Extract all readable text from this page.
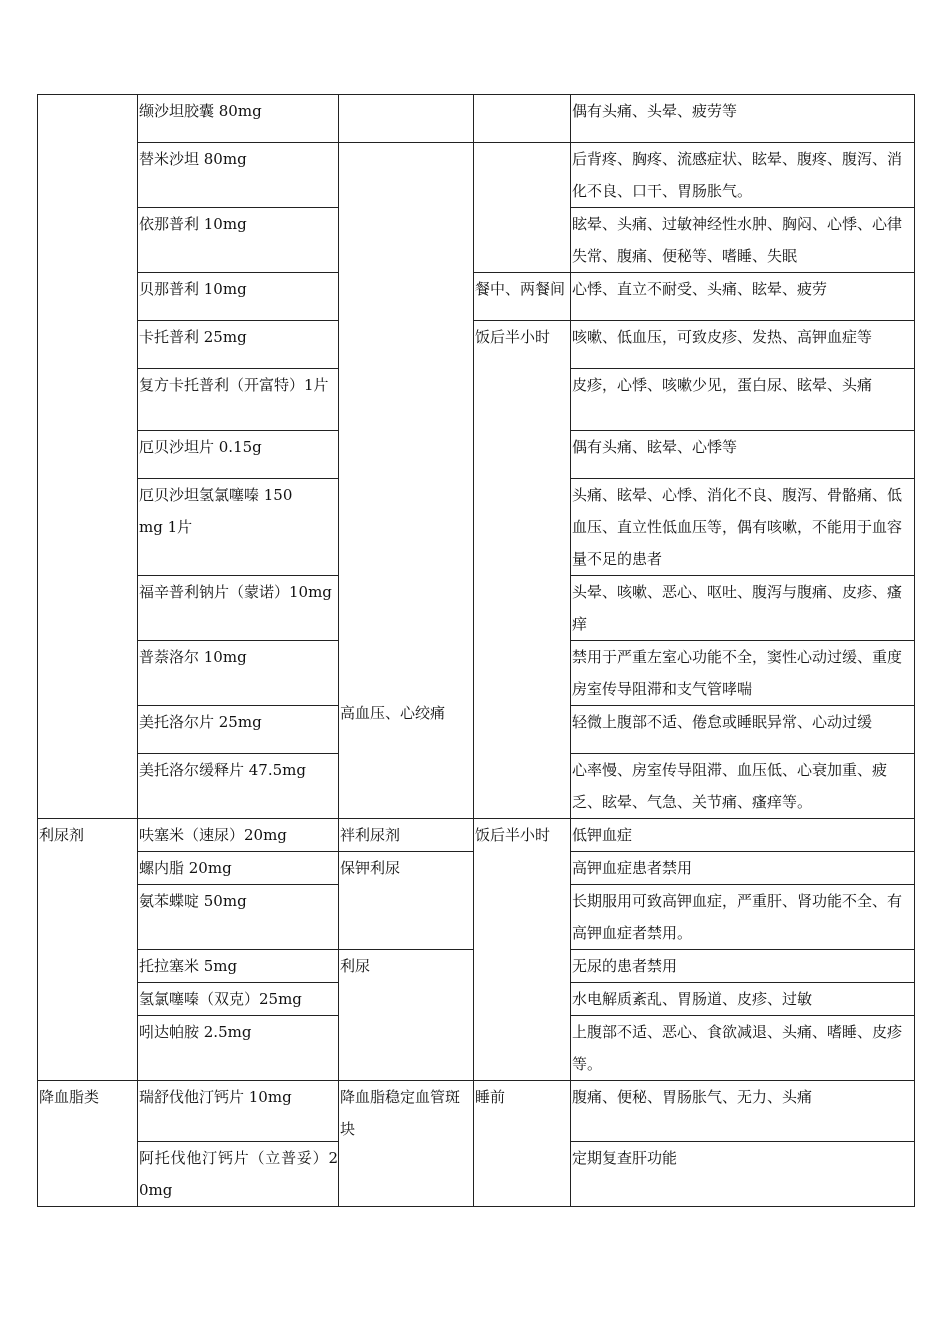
	缬沙坦胶囊 80mg			偶有头痛、头晕、疲劳等
	替米沙坦 80mg	高血压、心绞痛		后背疼、胸疼、流感症状、眩晕、腹疼、腹泻、消化不良、口干、胃肠胀气。
	依那普利 10mg			眩晕、头痛、过敏神经性水肿、胸闷、心悸、心律失常、腹痛、便秘等、嗜睡、失眠
	贝那普利 10mg		餐中、两餐间	心悸、直立不耐受、头痛、眩晕、疲劳
	卡托普利 25mg		饭后半小时	咳嗽、低血压，可致皮疹、发热、高钾血症等
	复方卡托普利（开富特）1片			皮疹，心悸、咳嗽少见，蛋白尿、眩晕、头痛
	厄贝沙坦片 0.15g			偶有头痛、眩晕、心悸等
	厄贝沙坦氢氯噻嗪 150mg 1片			头痛、眩晕、心悸、消化不良、腹泻、骨骼痛、低血压、直立性低血压等，偶有咳嗽，不能用于血容量不足的患者
	福辛普利钠片（蒙诺）10mg			头晕、咳嗽、恶心、呕吐、腹泻与腹痛、皮疹、瘙痒
	普萘洛尔 10mg			禁用于严重左室心功能不全，窦性心动过缓、重度房室传导阻滞和支气管哮喘
	美托洛尔片 25mg			轻微上腹部不适、倦怠或睡眠异常、心动过缓
	美托洛尔缓释片 47.5mg			心率慢、房室传导阻滞、血压低、心衰加重、疲乏、眩晕、气急、关节痛、瘙痒等。
利尿剂	呋塞米（速尿）20mg	袢利尿剂	饭后半小时	低钾血症
	螺内脂 20mg	保钾利尿		高钾血症患者禁用
	氨苯蝶啶 50mg			长期服用可致高钾血症，严重肝、肾功能不全、有高钾血症者禁用。
	托拉塞米 5mg	利尿		无尿的患者禁用
	氢氯噻嗪（双克）25mg			水电解质紊乱、胃肠道、皮疹、过敏
	吲达帕胺 2.5mg			上腹部不适、恶心、食欲减退、头痛、嗜睡、皮疹等。
降血脂类	瑞舒伐他汀钙片 10mg	降血脂稳定血管斑块	睡前	腹痛、便秘、胃肠胀气、无力、头痛
	阿托伐他汀钙片（立普妥）20mg			定期复查肝功能
